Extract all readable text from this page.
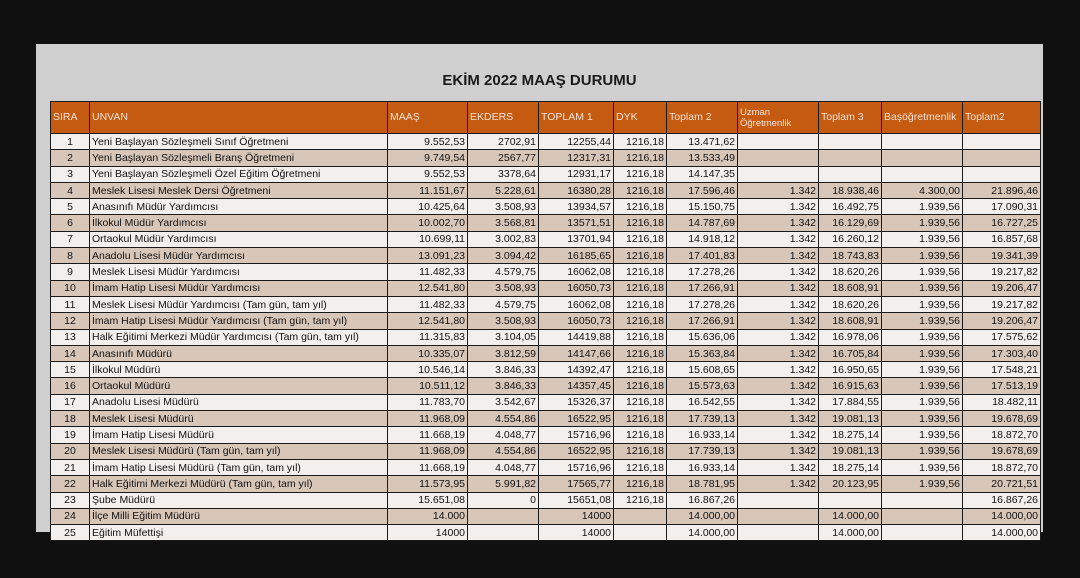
EKİM 2022 MAAŞ DURUMU
SIRA	UNVAN	MAAŞ	EKDERS	TOPLAM 1	DYK	Toplam 2	Uzman Öğretmenlik	Toplam 3	Başöğretmenlik	Toplam2
1	Yeni Başlayan Sözleşmeli Sınıf Öğretmeni	9.552,53	2702,91	12255,44	1216,18	13.471,62				
2	Yeni Başlayan Sözleşmeli Branş Öğretmeni	9.749,54	2567,77	12317,31	1216,18	13.533,49				
3	Yeni Başlayan Sözleşmeli Özel Eğitim Öğretmeni	9.552,53	3378,64	12931,17	1216,18	14.147,35				
4	Meslek Lisesi Meslek Dersi Öğretmeni	11.151,67	5.228,61	16380,28	1216,18	17.596,46	1.342	18.938,46	4.300,00	21.896,46
5	Anasınıfı Müdür Yardımcısı	10.425,64	3.508,93	13934,57	1216,18	15.150,75	1.342	16.492,75	1.939,56	17.090,31
6	İlkokul Müdür Yardımcısı	10.002,70	3.568,81	13571,51	1216,18	14.787,69	1.342	16.129,69	1.939,56	16.727,25
7	Ortaokul Müdür Yardımcısı	10.699,11	3.002,83	13701,94	1216,18	14.918,12	1.342	16.260,12	1.939,56	16.857,68
8	Anadolu Lisesi Müdür Yardımcısı	13.091,23	3.094,42	16185,65	1216,18	17.401,83	1.342	18.743,83	1.939,56	19.341,39
9	Meslek Lisesi Müdür Yardımcısı	11.482,33	4.579,75	16062,08	1216,18	17.278,26	1.342	18.620,26	1.939,56	19.217,82
10	İmam Hatip Lisesi Müdür Yardımcısı	12.541,80	3.508,93	16050,73	1216,18	17.266,91	1.342	18.608,91	1.939,56	19.206,47
11	Meslek Lisesi Müdür Yardımcısı (Tam gün, tam yıl)	11.482,33	4.579,75	16062,08	1216,18	17.278,26	1.342	18.620,26	1.939,56	19.217,82
12	İmam Hatip Lisesi Müdür Yardımcısı (Tam gün, tam yıl)	12.541,80	3.508,93	16050,73	1216,18	17.266,91	1.342	18.608,91	1.939,56	19.206,47
13	Halk Eğitimi Merkezi Müdür Yardımcısı (Tam gün, tam yıl)	11.315,83	3.104,05	14419,88	1216,18	15.636,06	1.342	16.978,06	1.939,56	17.575,62
14	Anasınıfı Müdürü	10.335,07	3.812,59	14147,66	1216,18	15.363,84	1.342	16.705,84	1.939,56	17.303,40
15	İlkokul Müdürü	10.546,14	3.846,33	14392,47	1216,18	15.608,65	1.342	16.950,65	1.939,56	17.548,21
16	Ortaokul Müdürü	10.511,12	3.846,33	14357,45	1216,18	15.573,63	1.342	16.915,63	1.939,56	17.513,19
17	Anadolu Lisesi Müdürü	11.783,70	3.542,67	15326,37	1216,18	16.542,55	1.342	17.884,55	1.939,56	18.482,11
18	Meslek Lisesi Müdürü	11.968,09	4.554,86	16522,95	1216,18	17.739,13	1.342	19.081,13	1.939,56	19.678,69
19	İmam Hatip Lisesi Müdürü	11.668,19	4.048,77	15716,96	1216,18	16.933,14	1.342	18.275,14	1.939,56	18.872,70
20	Meslek Lisesi Müdürü (Tam gün, tam yıl)	11.968,09	4.554,86	16522,95	1216,18	17.739,13	1.342	19.081,13	1.939,56	19.678,69
21	İmam Hatip Lisesi Müdürü (Tam gün, tam yıl)	11.668,19	4.048,77	15716,96	1216,18	16.933,14	1.342	18.275,14	1.939,56	18.872,70
22	Halk Eğitimi Merkezi Müdürü (Tam gün, tam yıl)	11.573,95	5.991,82	17565,77	1216,18	18.781,95	1.342	20.123,95	1.939,56	20.721,51
23	Şube Müdürü	15.651,08	0	15651,08	1216,18	16.867,26				16.867,26
24	İlçe Milli Eğitim Müdürü	14.000		14000		14.000,00		14.000,00		14.000,00
25	Eğitim Müfettişi	14000		14000		14.000,00		14.000,00		14.000,00
